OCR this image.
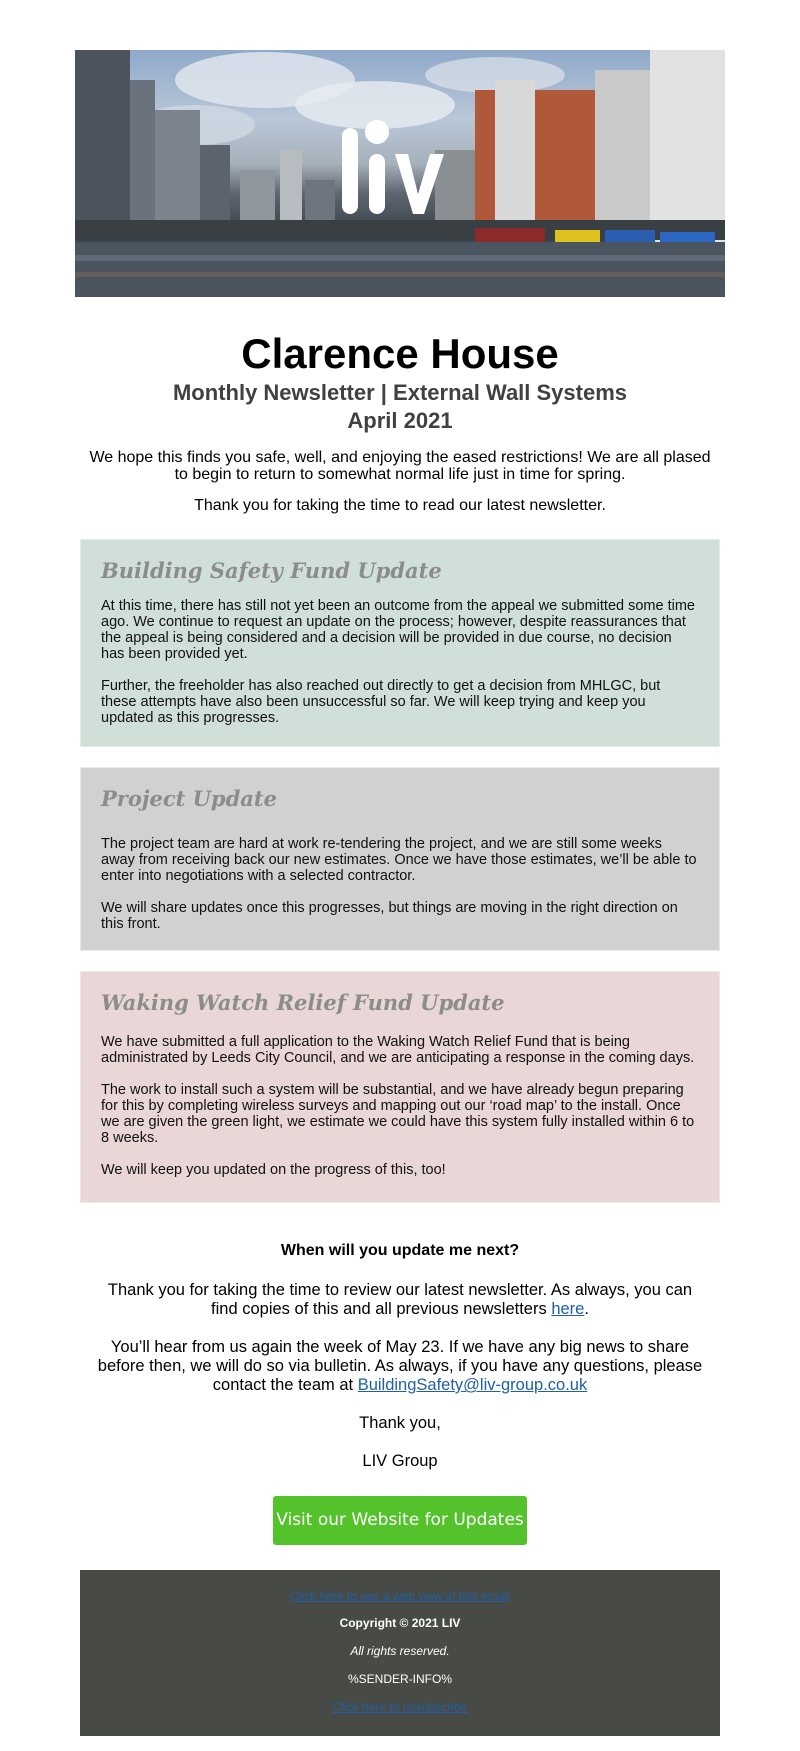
Clarence House
Monthly Newsletter | External Wall Systems
April 2021
We hope this finds you safe, well, and enjoying the eased restrictions! We are all plased to begin to return to somewhat normal life just in time for spring.
Thank you for taking the time to read our latest newsletter.
Building Safety Fund Update

At this time, there has still not yet been an outcome from the appeal we submitted some time ago. We continue to request an update on the process; however, despite reassurances that the appeal is being considered and a decision will be provided in due course, no decision has been provided yet.

Further, the freeholder has also reached out directly to get a decision from MHLGC, but these attempts have also been unsuccessful so far. We will keep trying and keep you updated as this progresses.

Project Update

The project team are hard at work re-tendering the project, and we are still some weeks away from receiving back our new estimates. Once we have those estimates, we’ll be able to enter into negotiations with a selected contractor.

We will share updates once this progresses, but things are moving in the right direction on this front.

Waking Watch Relief Fund Update

We have submitted a full application to the Waking Watch Relief Fund that is being administrated by Leeds City Council, and we are anticipating a response in the coming days.

The work to install such a system will be substantial, and we have already begun preparing for this by completing wireless surveys and mapping out our ‘road map’ to the install. Once we are given the green light, we estimate we could have this system fully installed within 6 to 8 weeks.

We will keep you updated on the progress of this, too!

When will you update me next?
Thank you for taking the time to review our latest newsletter. As always, you can find copies of this and all previous newsletters here.
You’ll hear from us again the week of May 23. If we have any big news to share before then, we will do so via bulletin. As always, if you have any questions, please contact the team at BuildingSafety@liv-group.co.uk
Thank you,
LIV Group
Visit our Website for Updates
Click here to see a web view of this email
Copyright © 2021 LIV
All rights reserved.
%SENDER-INFO%
Click here to unsubscribe
